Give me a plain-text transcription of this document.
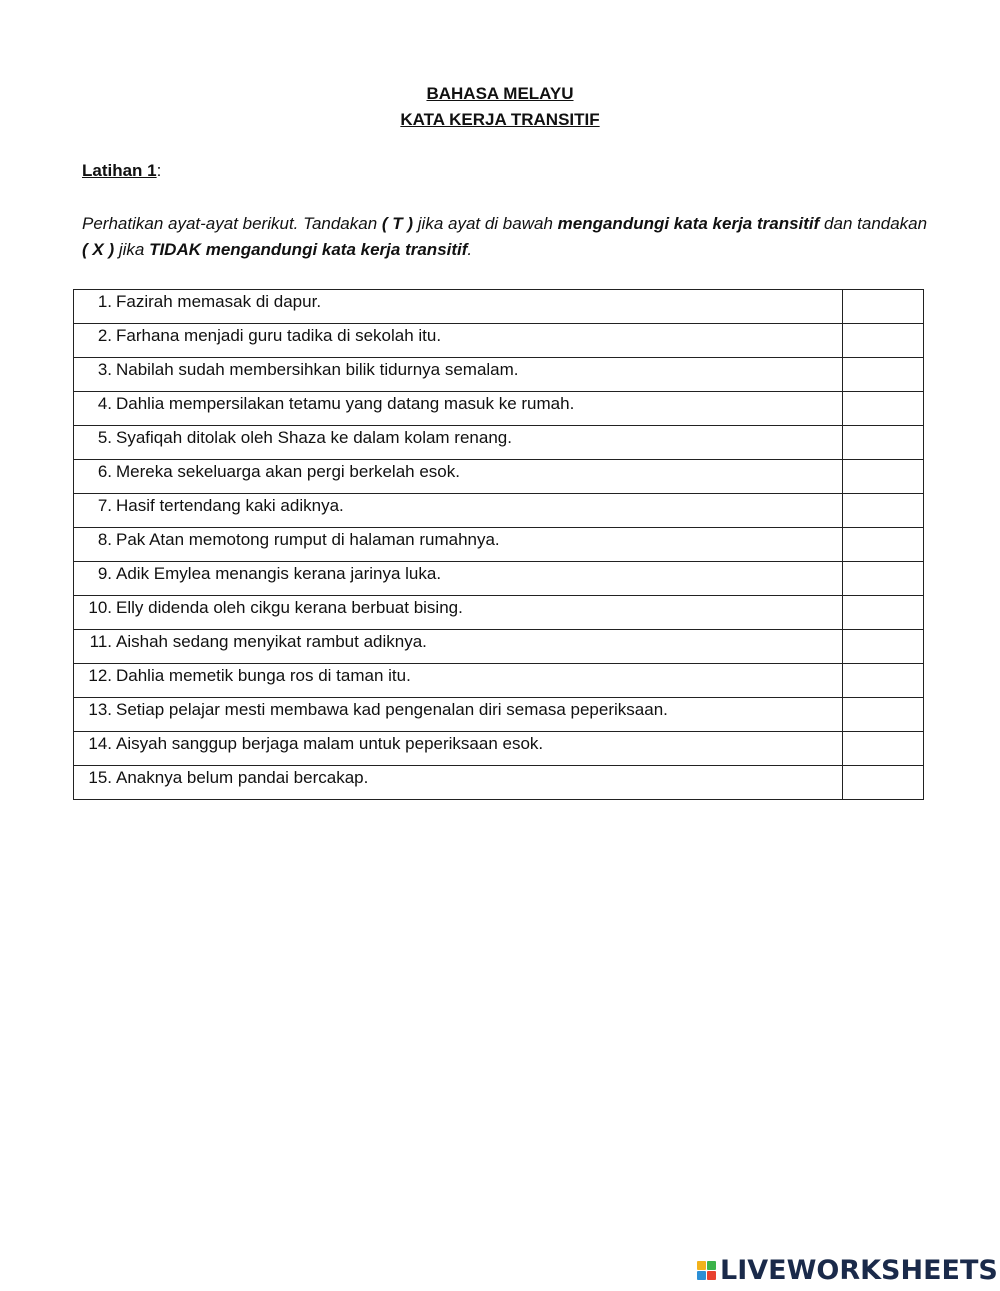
BAHASA MELAYU
KATA KERJA TRANSITIF
Latihan 1:
Perhatikan ayat-ayat berikut. Tandakan ( T ) jika ayat di bawah mengandungi kata kerja transitif dan tandakan ( X ) jika TIDAK mengandungi kata kerja transitif.
1. Fazirah memasak di dapur.	

2. Farhana menjadi guru tadika di sekolah itu.	

3. Nabilah sudah membersihkan bilik tidurnya semalam.	

4. Dahlia mempersilakan tetamu yang datang masuk ke rumah.	

5. Syafiqah ditolak oleh Shaza ke dalam kolam renang.	

6. Mereka sekeluarga akan pergi berkelah esok.	

7. Hasif tertendang kaki adiknya.	

8. Pak Atan memotong rumput di halaman rumahnya.	

9. Adik Emylea menangis kerana jarinya luka.	

10. Elly didenda oleh cikgu kerana berbuat bising.	

11. Aishah sedang menyikat rambut adiknya.	

12. Dahlia memetik bunga ros di taman itu.	

13. Setiap pelajar mesti membawa kad pengenalan diri semasa peperiksaan.	

14. Aisyah sanggup berjaga malam untuk peperiksaan esok.	

15. Anaknya belum pandai bercakap.	

LIVEWORKSHEETS
